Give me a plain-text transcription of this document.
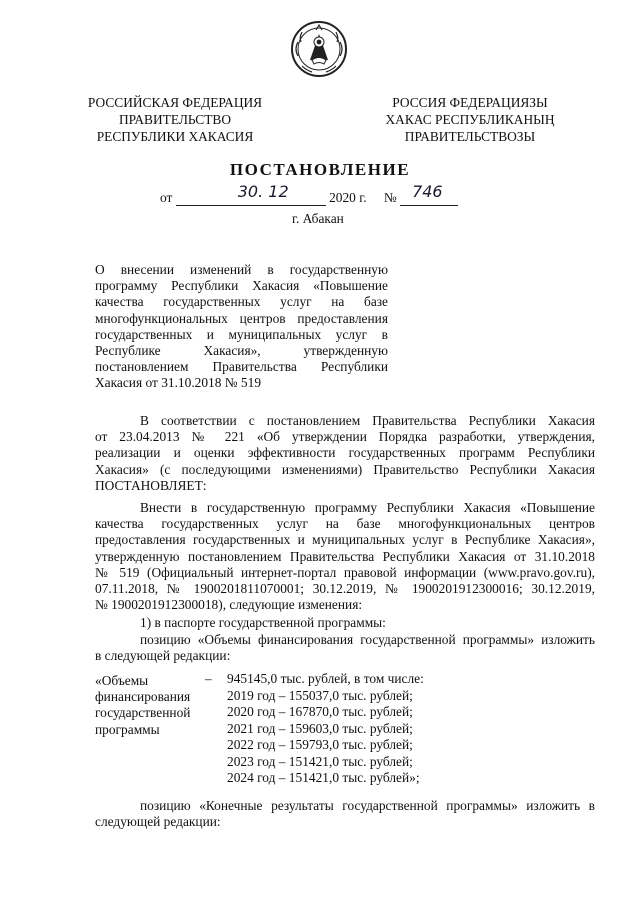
РОССИЙСКАЯ ФЕДЕРАЦИЯ
ПРАВИТЕЛЬСТВО
РЕСПУБЛИКИ ХАКАСИЯ
РОССИЯ ФЕДЕРАЦИЯЗЫ
ХАКАС РЕСПУБЛИКАНЫҢ
ПРАВИТЕЛЬСТВОЗЫ
ПОСТАНОВЛЕНИЕ
от	30. 12	2020 г. № 746
г. Абакан
О внесении изменений в государственную
программу Республики Хакасия «Повышение
качества государственных услуг на базе
многофункциональных центров предоставления
государственных и муниципальных услуг в
Республике Хакасия», утвержденную
постановлением Правительства Республики
Хакасия от 31.10.2018 № 519
В соответствии с постановлением Правительства Республики Хакасия
от 23.04.2013 № 221 «Об утверждении Порядка разработки, утверждения,
реализации и оценки эффективности государственных программ Республики
Хакасия» (с последующими изменениями) Правительство Республики Хакасия
ПОСТАНОВЛЯЕТ:
Внести в государственную программу Республики Хакасия «Повышение
качества государственных услуг на базе многофункциональных центров
предоставления государственных и муниципальных услуг в Республике Хакасия»,
утвержденную постановлением Правительства Республики Хакасия от 31.10.2018
№ 519 (Официальный интернет-портал правовой информации (www.pravo.gov.ru),
07.11.2018, № 1900201811070001; 30.12.2019, № 1900201912300016; 30.12.2019,
№ 1900201912300018), следующие изменения:
1) в паспорте государственной программы:
позицию «Объемы финансирования государственной программы» изложить
в следующей редакции:
«Объемы
финансирования
государственной
программы
– 945145,0 тыс. рублей, в том числе:
2019 год – 155037,0 тыс. рублей;
2020 год – 167870,0 тыс. рублей;
2021 год – 159603,0 тыс. рублей;
2022 год – 159793,0 тыс. рублей;
2023 год – 151421,0 тыс. рублей;
2024 год – 151421,0 тыс. рублей»;
позицию «Конечные результаты государственной программы» изложить в
следующей редакции:
